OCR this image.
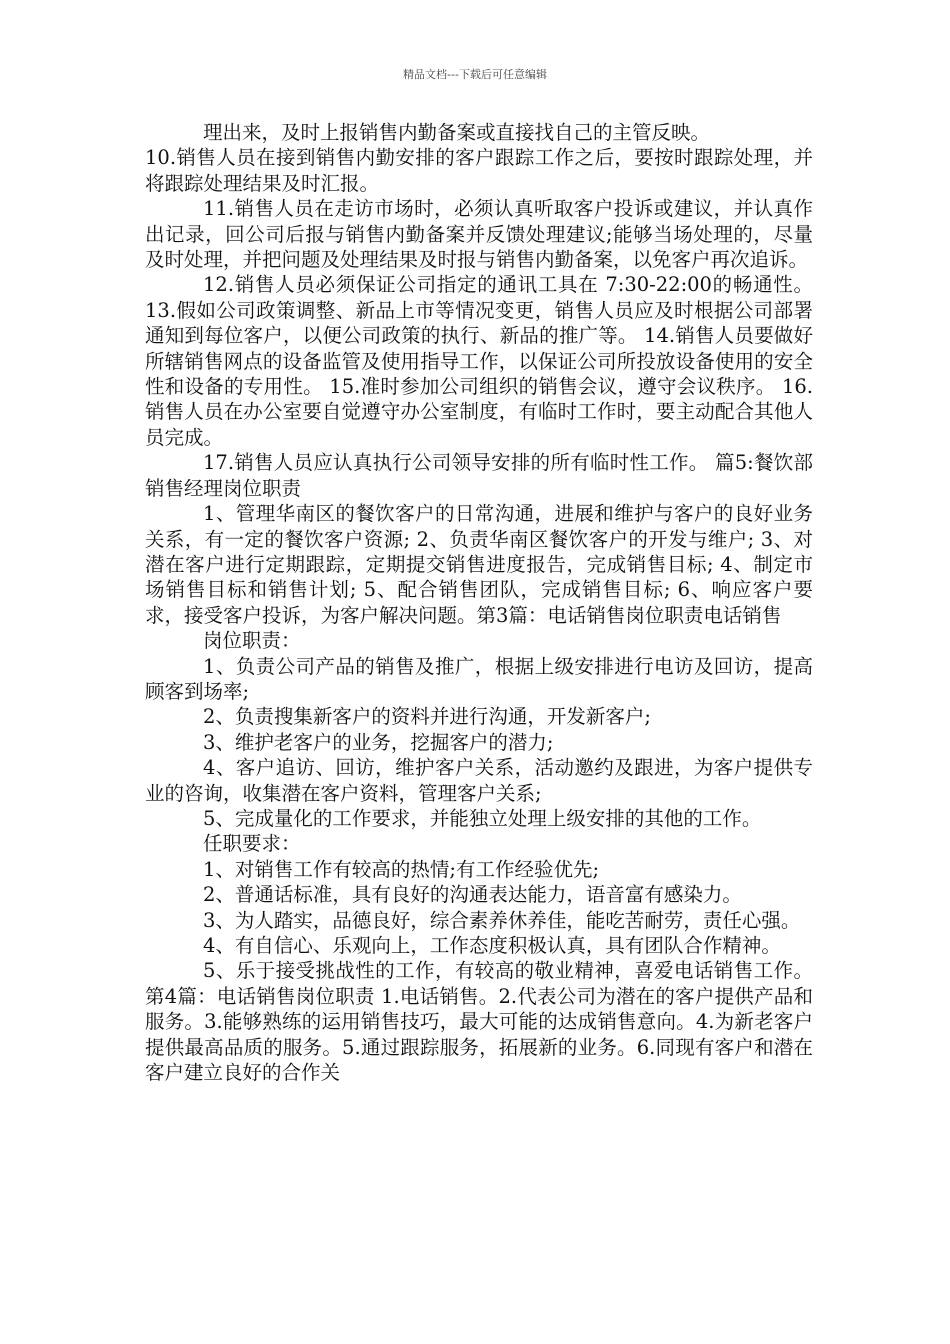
精品文档---下载后可任意编辑

理出来，及时上报销售内勤备案或直接找自己的主管反映。

10.销售人员在接到销售内勤安排的客户跟踪工作之后，要按时跟踪处理，并将跟踪处理结果及时汇报。

11.销售人员在走访市场时，必须认真听取客户投诉或建议，并认真作出记录，回公司后报与销售内勤备案并反馈处理建议;能够当场处理的，尽量及时处理，并把问题及处理结果及时报与销售内勤备案，以免客户再次追诉。

12.销售人员必须保证公司指定的通讯工具在 7:30-22:00的畅通性。 13.假如公司政策调整、新品上市等情况变更，销售人员应及时根据公司部署通知到每位客户，以便公司政策的执行、新品的推广等。 14.销售人员要做好所辖销售网点的设备监管及使用指导工作，以保证公司所投放设备使用的安全性和设备的专用性。 15.准时参加公司组织的销售会议，遵守会议秩序。 16.销售人员在办公室要自觉遵守办公室制度，有临时工作时，要主动配合其他人员完成。

17.销售人员应认真执行公司领导安排的所有临时性工作。 篇5:餐饮部销售经理岗位职责

1、管理华南区的餐饮客户的日常沟通，进展和维护与客户的良好业务关系，有一定的餐饮客户资源; 2、负责华南区餐饮客户的开发与维户; 3、对潜在客户进行定期跟踪，定期提交销售进度报告，完成销售目标; 4、制定市场销售目标和销售计划; 5、配合销售团队，完成销售目标; 6、响应客户要求，接受客户投诉，为客户解决问题。第3篇：电话销售岗位职责电话销售

岗位职责：

1、负责公司产品的销售及推广，根据上级安排进行电访及回访，提高顾客到场率;

2、负责搜集新客户的资料并进行沟通，开发新客户;

3、维护老客户的业务，挖掘客户的潜力;

4、客户追访、回访，维护客户关系，活动邀约及跟进，为客户提供专业的咨询，收集潜在客户资料，管理客户关系;

5、完成量化的工作要求，并能独立处理上级安排的其他的工作。

任职要求：

1、对销售工作有较高的热情;有工作经验优先;

2、普通话标准，具有良好的沟通表达能力，语音富有感染力。

3、为人踏实，品德良好，综合素养休养佳，能吃苦耐劳，责任心强。

4、有自信心、乐观向上，工作态度积极认真，具有团队合作精神。

5、乐于接受挑战性的工作，有较高的敬业精神，喜爱电话销售工作。第4篇：电话销售岗位职责 1.电话销售。2.代表公司为潜在的客户提供产品和服务。3.能够熟练的运用销售技巧，最大可能的达成销售意向。4.为新老客户提供最高品质的服务。5.通过跟踪服务，拓展新的业务。6.同现有客户和潜在客户建立良好的合作关
